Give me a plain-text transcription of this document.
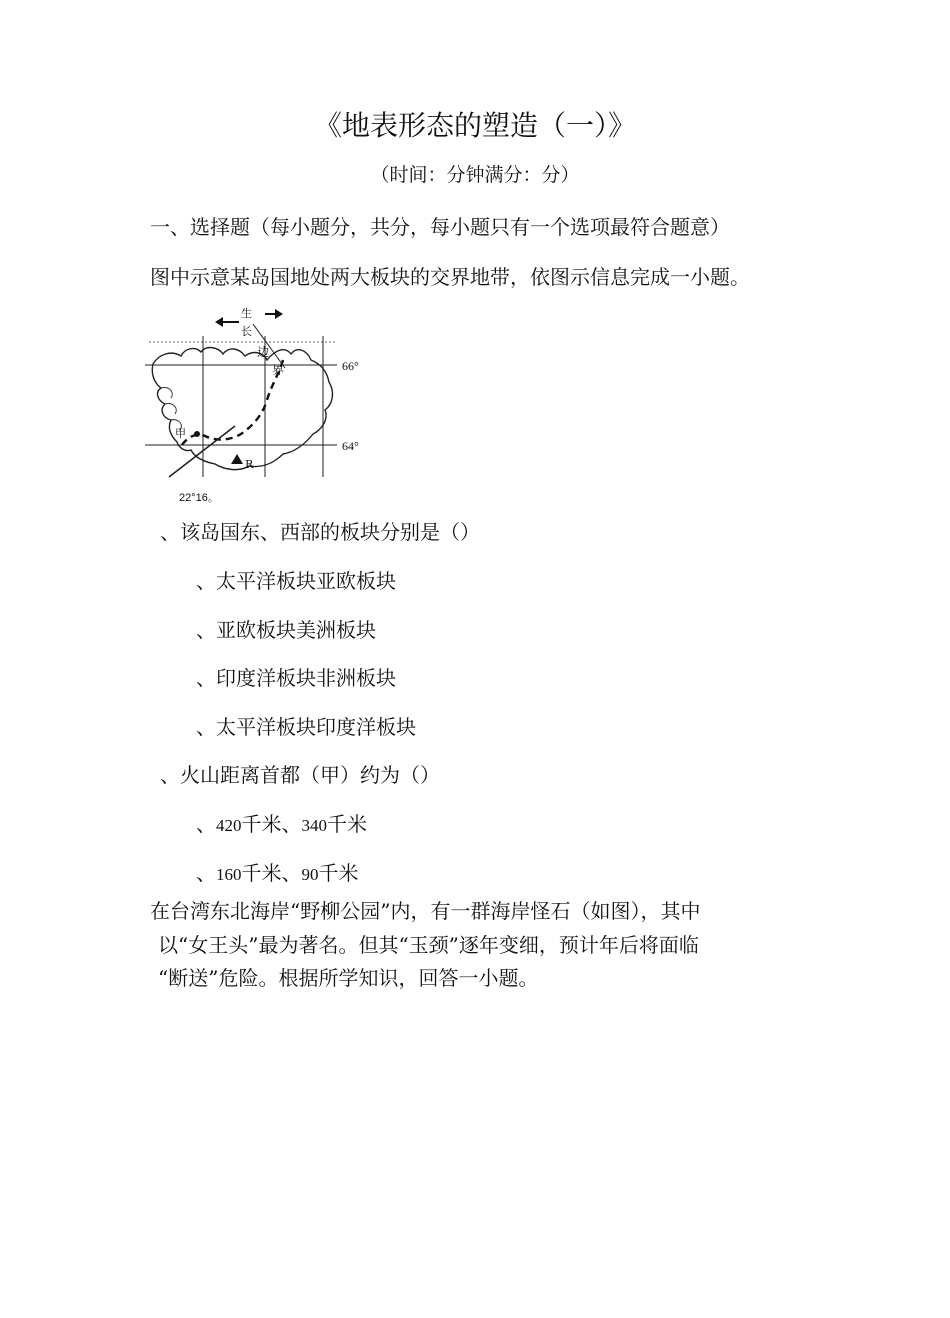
《地表形态的塑造（一）》
（时间：分钟满分：分）
一、选择题（每小题分，共分，每小题只有一个选项最符合题意）
图中示意某岛国地处两大板块的交界地带，依图示信息完成一小题。
生
长
边
界
甲
R
66°
64°
22°16。
、该岛国东、西部的板块分别是（）
、太平洋板块亚欧板块
、亚欧板块美洲板块
、印度洋板块非洲板块
、太平洋板块印度洋板块
、火山距离首都（甲）约为（）
、420千米、340千米
、160千米、90千米
在台湾东北海岸“野柳公园”内，有一群海岸怪石（如图），其中
以“女王头”最为著名。但其“玉颈”逐年变细，预计年后将面临
“断送”危险。根据所学知识，回答一小题。
